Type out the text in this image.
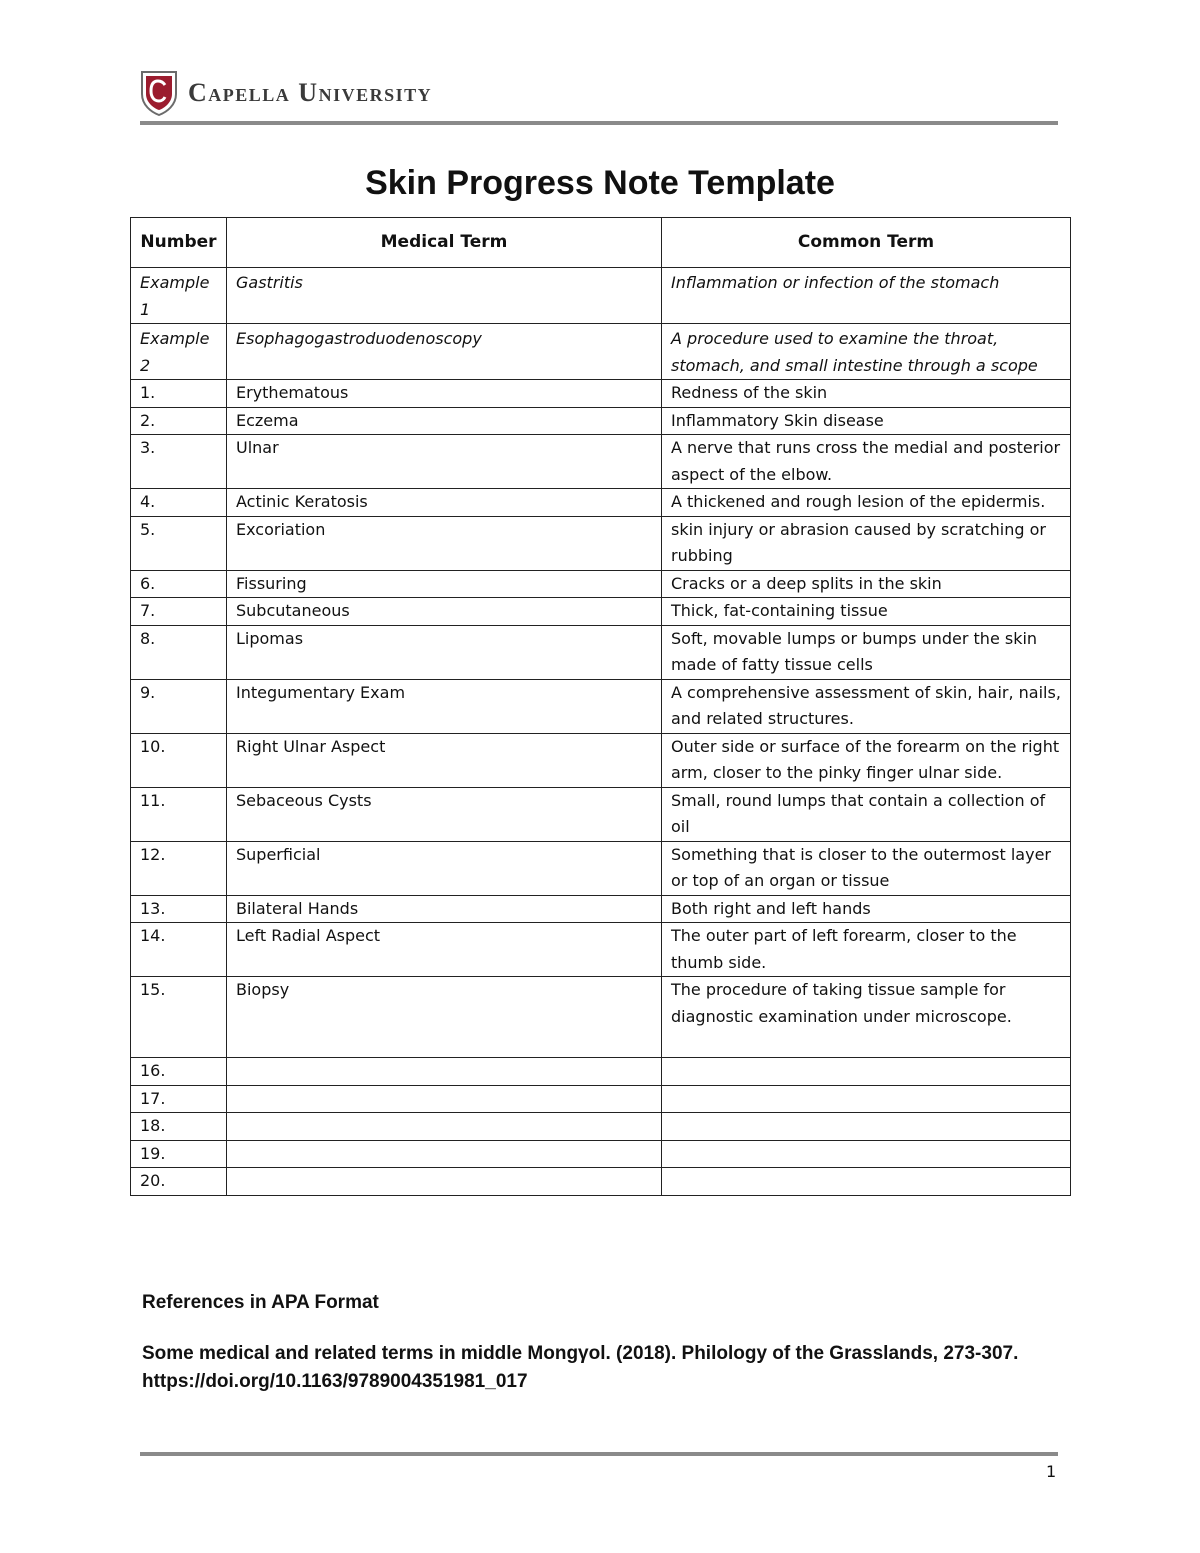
Capella University
Skin Progress Note Template
Number	Medical Term	Common Term
Example 1	Gastritis	Inflammation or infection of the stomach
Example 2	Esophagogastroduodenoscopy	A procedure used to examine the throat, stomach, and small intestine through a scope
1.	Erythematous	Redness of the skin
2.	Eczema	Inflammatory Skin disease
3.	Ulnar	A nerve that runs cross the medial and posterior aspect of the elbow.
4.	Actinic Keratosis	A thickened and rough lesion of the epidermis.
5.	Excoriation	skin injury or abrasion caused by scratching or rubbing
6.	Fissuring	Cracks or a deep splits in the skin
7.	Subcutaneous	Thick, fat-containing tissue
8.	Lipomas	Soft, movable lumps or bumps under the skin made of fatty tissue cells
9.	Integumentary Exam	A comprehensive assessment of skin, hair, nails, and related structures.
10.	Right Ulnar Aspect	Outer side or surface of the forearm on the right arm, closer to the pinky finger ulnar side.
11.	Sebaceous Cysts	Small, round lumps that contain a collection of oil
12.	Superficial	Something that is closer to the outermost layer or top of an organ or tissue
13.	Bilateral Hands	Both right and left hands
14.	Left Radial Aspect	The outer part of left forearm, closer to the thumb side.
15.	Biopsy	The procedure of taking tissue sample for diagnostic examination under microscope.
16.		
17.		
18.		
19.		
20.		
References in APA Format
Some medical and related terms in middle Mongγol. (2018). Philology of the Grasslands, 273-307. https://doi.org/10.1163/9789004351981_017
1
